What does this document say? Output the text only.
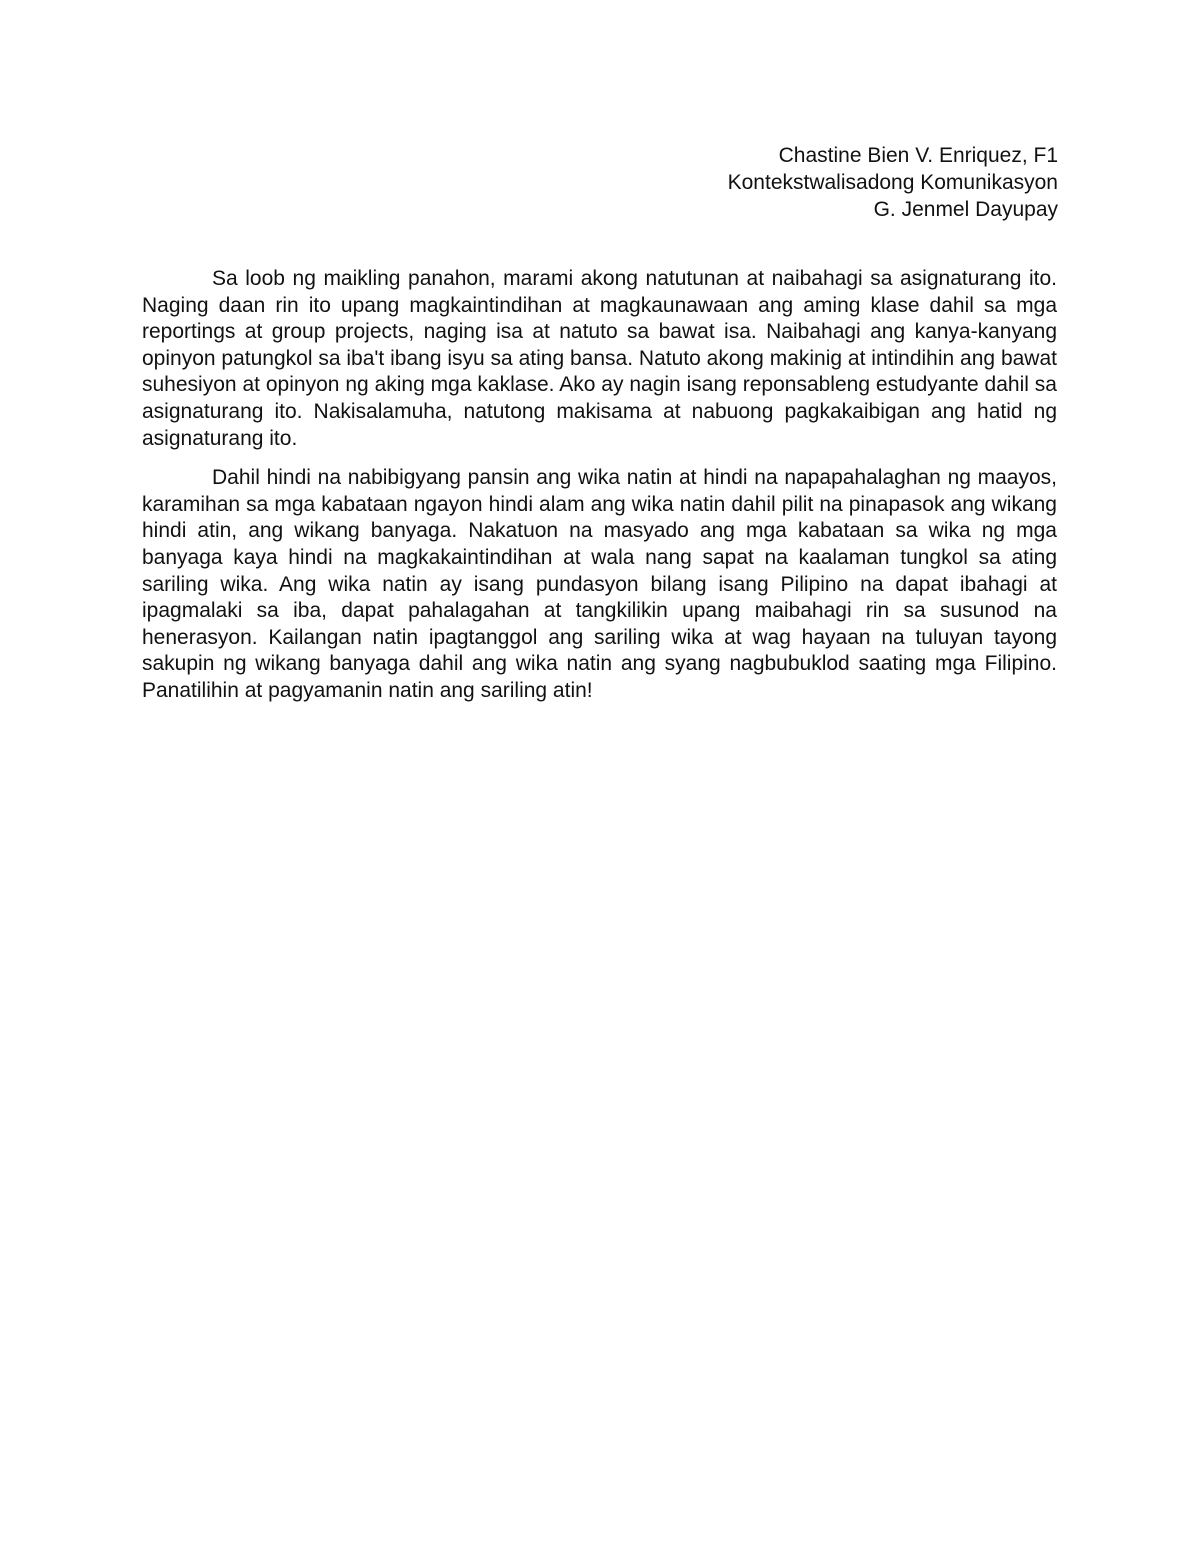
Chastine Bien V. Enriquez, F1
Kontekstwalisadong Komunikasyon
G. Jenmel Dayupay

Sa loob ng maikling panahon, marami akong natutunan at naibahagi sa asignaturang ito. Naging daan rin ito upang magkaintindihan at magkaunawaan ang aming klase dahil sa mga reportings at group projects, naging isa at natuto sa bawat isa. Naibahagi ang kanya-kanyang opinyon patungkol sa iba't ibang isyu sa ating bansa. Natuto akong makinig at intindihin ang bawat suhesiyon at opinyon ng aking mga kaklase. Ako ay nagin isang reponsableng estudyante dahil sa asignaturang ito. Nakisalamuha, natutong makisama at nabuong pagkakaibigan ang hatid ng asignaturang ito.

Dahil hindi na nabibigyang pansin ang wika natin at hindi na napapahalaghan ng maayos, karamihan sa mga kabataan ngayon hindi alam ang wika natin dahil pilit na pinapasok ang wikang hindi atin, ang wikang banyaga. Nakatuon na masyado ang mga kabataan sa wika ng mga banyaga kaya hindi na magkakaintindihan at wala nang sapat na kaalaman tungkol sa ating sariling wika. Ang wika natin ay isang pundasyon bilang isang Pilipino na dapat ibahagi at ipagmalaki sa iba, dapat pahalagahan at tangkilikin upang maibahagi rin sa susunod na henerasyon. Kailangan natin ipagtanggol ang sariling wika at wag hayaan na tuluyan tayong sakupin ng wikang banyaga dahil ang wika natin ang syang nagbubuklod saating mga Filipino. Panatilihin at pagyamanin natin ang sariling atin!
